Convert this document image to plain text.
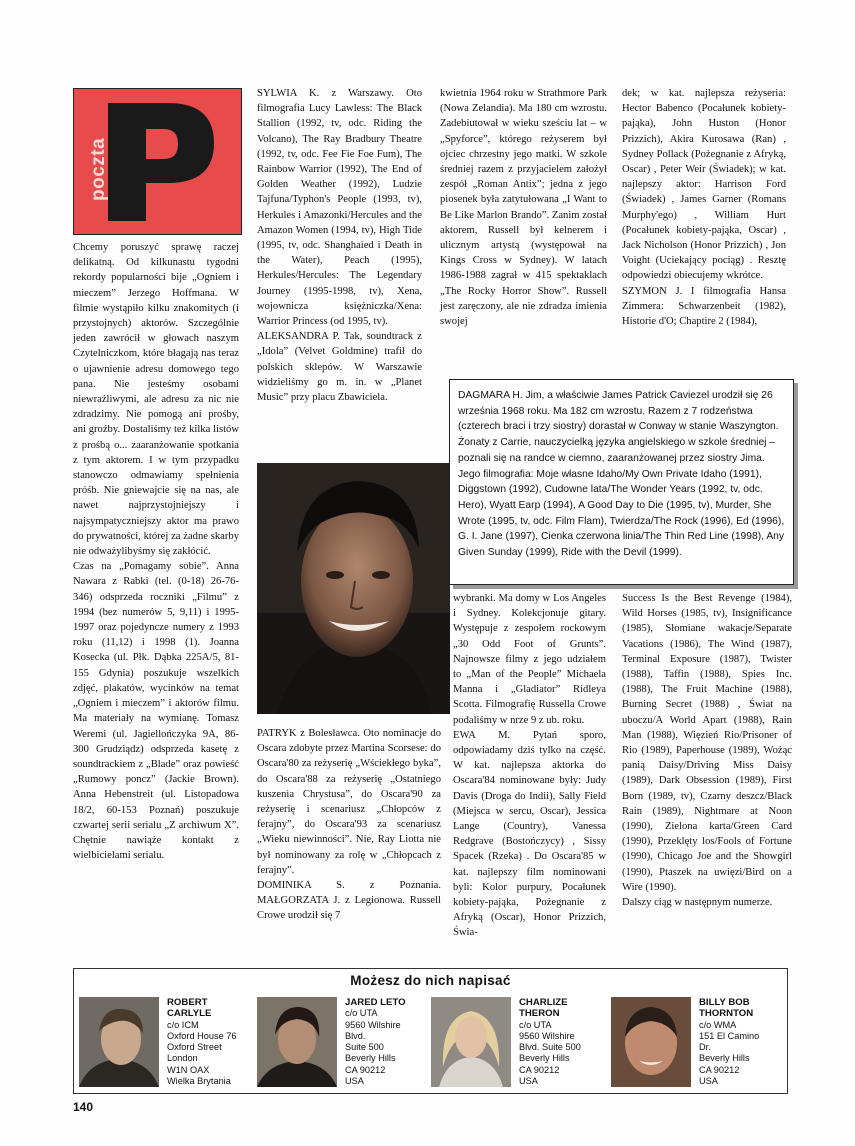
poczta

Chcemy poruszyć sprawę raczej delikatną. Od kilkunastu tygodni rekordy popularności bije „Ogniem i mieczem” Jerzego Hoffmana. W filmie wystąpiło kilku znakomitych (i przystojnych) aktorów. Szczególnie jeden zawrócił w głowach naszym Czytelniczkom, które błagają nas teraz o ujawnienie adresu domowego tego pana. Nie jesteśmy osobami niewrażliwymi, ale adresu za nic nie zdradzimy. Nie pomogą ani prośby, ani groźby. Dostaliśmy też kilka listów z prośbą o... zaaranżowanie spotkania z tym aktorem. I w tym przypadku stanowczo odmawiamy spełnienia próśb. Nie gniewajcie się na nas, ale nawet najprzystojniejszy i najsympatyczniejszy aktor ma prawo do prywatności, której za żadne skarby nie odważylibyśmy się zakłócić.

Czas na „Pomagamy sobie”. Anna Nawara z Rabki (tel. (0-18) 26-76-346) odsprzeda roczniki „Filmu” z 1994 (bez numerów 5, 9,11) i 1995-1997 oraz pojedyncze numery z 1993 roku (11,12) i 1998 (1). Joanna Kosecka (ul. Płk. Dąbka 225A/5, 81-155 Gdynia) poszukuje wszelkich zdjęć, plakatów, wycinków na temat „Ogniem i mieczem” i aktorów filmu. Ma materiały na wymianę. Tomasz Weremi (ul. Jagiellończyka 9A, 86-300 Grudziądz) odsprzeda kasetę z soundtrackiem z „Blade” oraz powieść „Rumowy poncz” (Jackie Brown). Anna Hebenstreit (ul. Listopadowa 18/2, 60-153 Poznań) poszukuje czwartej serii serialu „Z archiwum X”. Chętnie nawiąże kontakt z wielbicielami serialu.

SYLWIA K. z Warszawy. Oto filmografia Lucy Lawless: The Black Stallion (1992, tv, odc. Riding the Volcano), The Ray Bradbury Theatre (1992, tv, odc. Fee Fie Foe Fum), The Rainbow Warrior (1992), The End of Golden Weather (1992), Ludzie Tajfuna/Typhon's People (1993, tv), Herkules i Amazonki/Hercules and the Amazon Women (1994, tv), High Tide (1995, tv, odc. Shanghaied i Death in the Water), Peach (1995), Herkules/Hercules: The Legendary Journey (1995-1998, tv), Xena, wojownicza księżniczka/Xena: Warrior Princess (od 1995, tv).

ALEKSANDRA P. Tak, soundtrack z „Idola” (Velvet Goldmine) trafił do polskich sklepów. W Warszawie widzieliśmy go m. in. w „Planet Music” przy placu Zbawiciela.

kwietnia 1964 roku w Strathmore Park (Nowa Zelandia). Ma 180 cm wzrostu. Zadebiutował w wieku sześciu lat – w „Spyforce”, którego reżyserem był ojciec chrzestny jego matki. W szkole średniej razem z przyjacielem założył zespół „Roman Antix”; jedna z jego piosenek była zatytułowana „I Want to Be Like Marlon Brando”. Zanim został aktorem, Russell był kelnerem i ulicznym artystą (występował na Kings Cross w Sydney). W latach 1986-1988 zagrał w 415 spektaklach „The Rocky Horror Show”. Russell jest zaręczony, ale nie zdradza imienia swojej

dek; w kat. najlepsza reżyseria: Hector Babenco (Pocałunek kobiety-pająka), John Huston (Honor Prizzich), Akira Kurosawa (Ran) , Sydney Pollack (Pożegnanie z Afryką, Oscar) , Peter Weir (Świadek); w kat. najlepszy aktor: Harrison Ford (Świadek) , James Garner (Romans Murphy'ego) , William Hurt (Pocałunek kobiety-pająka, Oscar) , Jack Nicholson (Honor Prizzich) , Jon Voight (Uciekający pociąg) . Resztę odpowiedzi obiecujemy wkrótce.

SZYMON J. I filmografia Hansa Zimmera: Schwarzenbeit (1982), Historie d'O; Chaptire 2 (1984),

DAGMARA H. Jim, a właściwie James Patrick Caviezel urodził się 26 września 1968 roku. Ma 182 cm wzrostu. Razem z 7 rodzeństwa (czterech braci i trzy siostry) dorastał w Conway w stanie Waszyngton. Żonaty z Carrie, nauczycielką języka angielskiego w szkole średniej – poznali się na randce w ciemno, zaaranżowanej przez siostry Jima. Jego filmografia: Moje własne Idaho/My Own Private Idaho (1991), Diggstown (1992), Cudowne lata/The Wonder Years (1992, tv, odc. Hero), Wyatt Earp (1994), A Good Day to Die (1995, tv), Murder, She Wrote (1995, tv, odc. Film Flam), Twierdza/The Rock (1996), Ed (1996), G. I. Jane (1997), Cienka czerwona linia/The Thin Red Line (1998), Any Given Sunday (1999), Ride with the Devil (1999).

wybranki. Ma domy w Los Angeles i Sydney. Kolekcjonuje gitary. Występuje z zespołem rockowym „30 Odd Foot of Grunts”. Najnowsze filmy z jego udziałem to „Man of the People” Michaela Manna i „Gladiator” Ridleya Scotta. Filmografię Russella Crowe podaliśmy w nrze 9 z ub. roku.

EWA M. Pytań sporo, odpowiadamy dziś tylko na część. W kat. najlepsza aktorka do Oscara'84 nominowane były: Judy Davis (Droga do Indii), Sally Field (Miejsca w sercu, Oscar), Jessica Lange (Country), Vanessa Redgrave (Bostończycy) , Sissy Spacek (Rzeka) . Do Oscara'85 w kat. najlepszy film nominowani byli: Kolor purpury, Pocałunek kobiety-pająka, Pożegnanie z Afryką (Oscar), Honor Prizzich, Świa-

Success Is the Best Revenge (1984), Wild Horses (1985, tv), Insignificance (1985), Słomiane wakacje/Separate Vacations (1986), The Wind (1987), Terminal Exposure (1987), Twister (1988), Taffin (1988), Spies Inc. (1988), The Fruit Machine (1988), Burning Secret (1988) , Świat na uboczu/A World Apart (1988), Rain Man (1988), Więzień Rio/Prisoner of Rio (1989), Paperhouse (1989), Wożąc panią Daisy/Driving Miss Daisy (1989), Dark Obsession (1989), First Born (1989, tv), Czarny deszcz/Black Rain (1989), Nightmare at Noon (1990), Zielona karta/Green Card (1990), Przeklęty los/Fools of Fortune (1990), Chicago Joe and the Showgirl (1990), Ptaszek na uwięzi/Bird on a Wire (1990).

Dalszy ciąg w następnym numerze.

PATRYK z Bolesławca. Oto nominacje do Oscara zdobyte przez Martina Scorsese: do Oscara'80 za reżyserię „Wściekłego byka”, do Oscara'88 za reżyserię „Ostatniego kuszenia Chrystusa”, do Oscara'90 za reżyserię i scenariusz „Chłopców z ferajny”, do Oscara'93 za scenariusz „Wieku niewinności”. Nie, Ray Liotta nie był nominowany za rolę w „Chłopcach z ferajny”.

DOMINIKA S. z Poznania. MAŁGORZATA J. z Legionowa. Russell Crowe urodził się 7

Możesz do nich napisać
ROBERT CARLYLE
c/o ICM
Oxford House 76
Oxford Street
London
W1N OAX
Wielka Brytania
JARED LETO
c/o UTA
9560 Wilshire
Blvd.
Suite 500
Beverly Hills
CA 90212
USA
CHARLIZE THERON
c/o UTA
9560 Wilshire
Blvd. Suite 500
Beverly Hills
CA 90212
USA
BILLY BOB THORNTON
c/o WMA
151 El Camino
Dr.
Beverly Hills
CA 90212
USA
140
